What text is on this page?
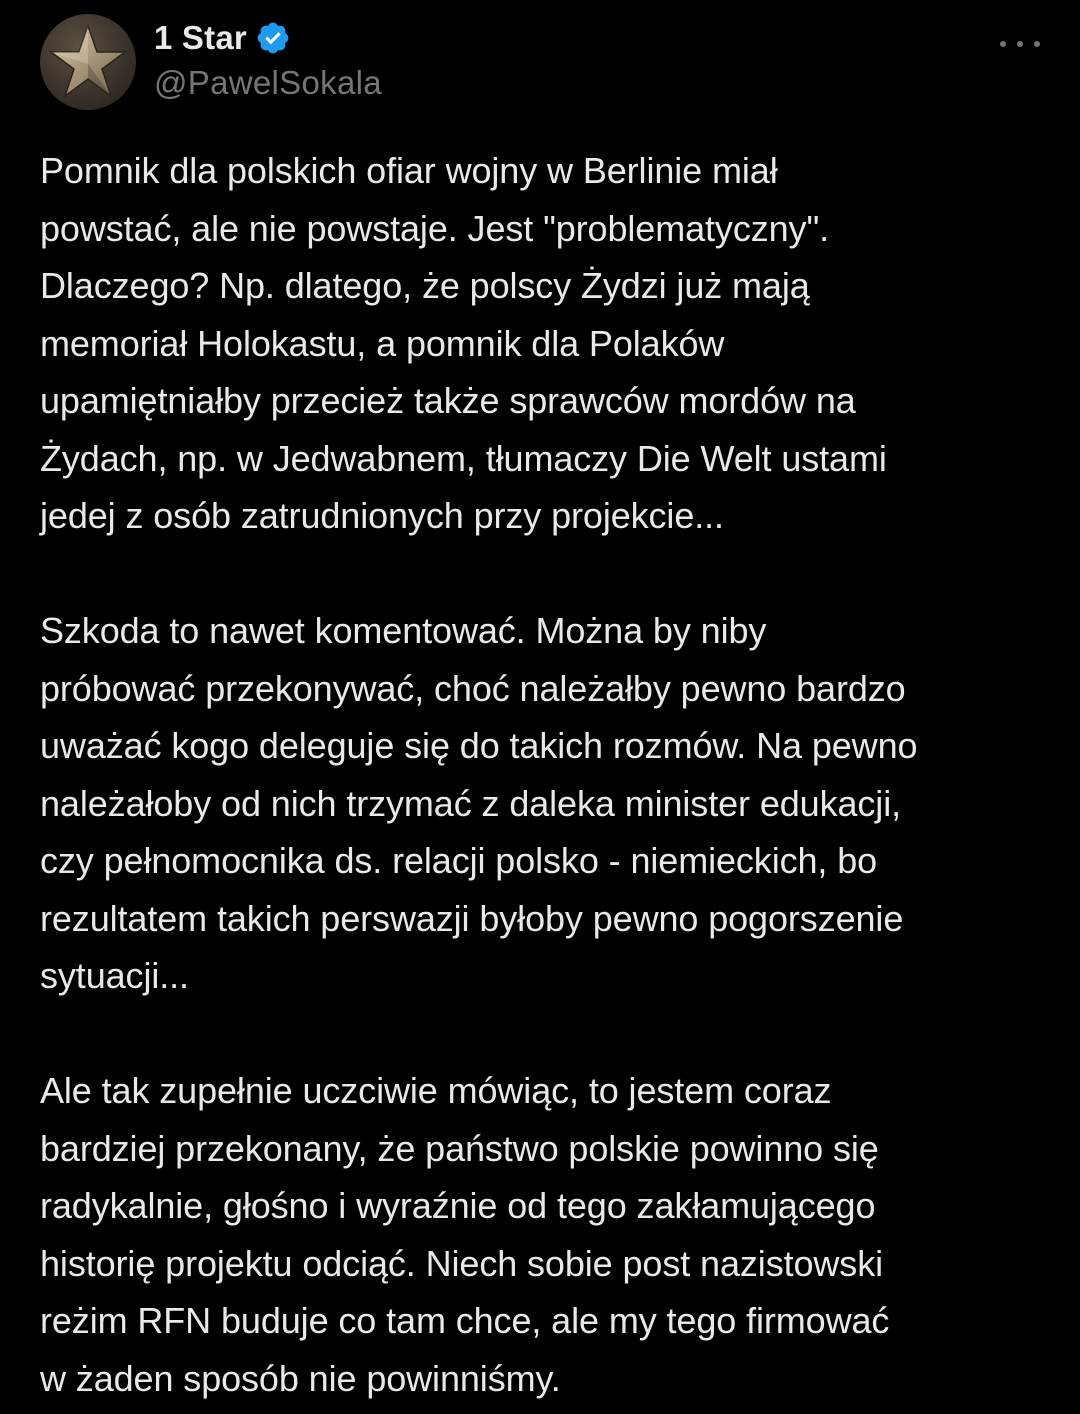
1 Star
@PawelSokala

Pomnik dla polskich ofiar wojny w Berlinie miał
powstać, ale nie powstaje. Jest "problematyczny".
Dlaczego? Np. dlatego, że polscy Żydzi już mają
memoriał Holokastu, a pomnik dla Polaków
upamiętniałby przecież także sprawców mordów na
Żydach, np. w Jedwabnem, tłumaczy Die Welt ustami
jedej z osób zatrudnionych przy projekcie...

Szkoda to nawet komentować. Można by niby
próbować przekonywać, choć należałby pewno bardzo
uważać kogo deleguje się do takich rozmów. Na pewno
należałoby od nich trzymać z daleka minister edukacji,
czy pełnomocnika ds. relacji polsko - niemieckich, bo
rezultatem takich perswazji byłoby pewno pogorszenie
sytuacji...

Ale tak zupełnie uczciwie mówiąc, to jestem coraz
bardziej przekonany, że państwo polskie powinno się
radykalnie, głośno i wyraźnie od tego zakłamującego
historię projektu odciąć. Niech sobie post nazistowski
reżim RFN buduje co tam chce, ale my tego firmować
w żaden sposób nie powinniśmy.
